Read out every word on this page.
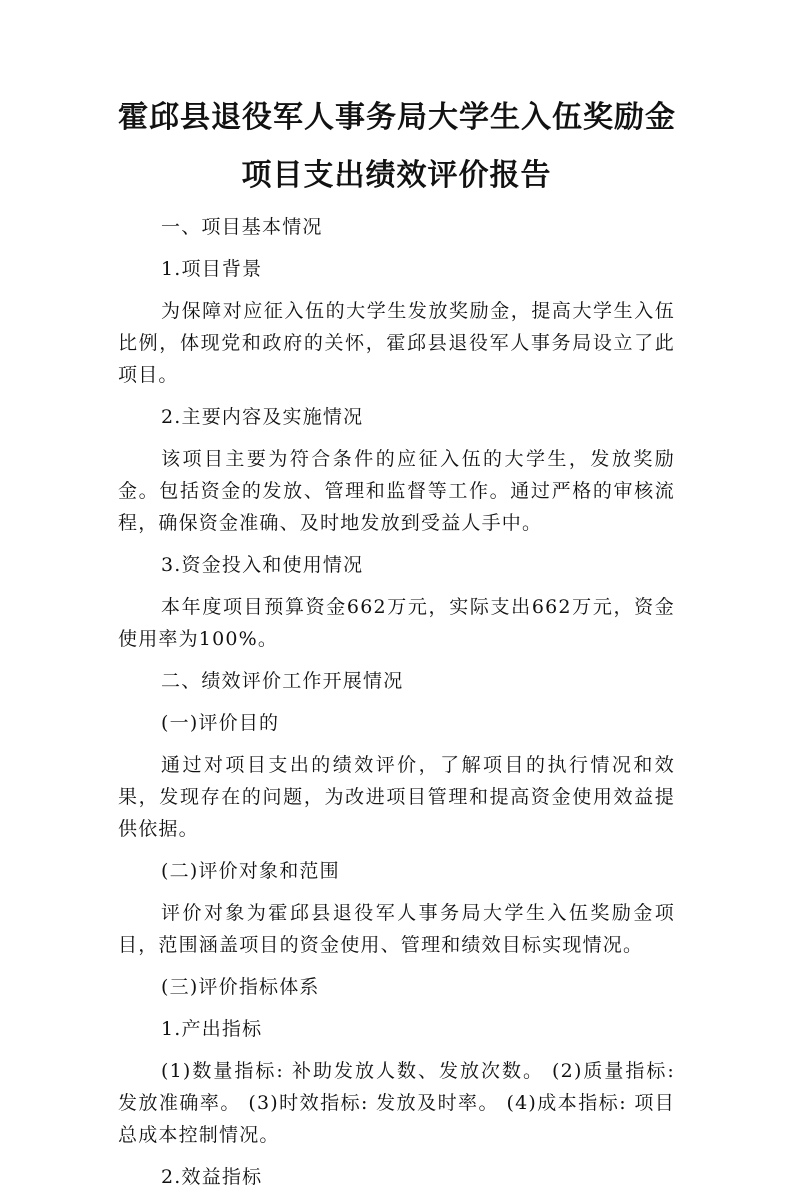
霍邱县退役军人事务局大学生入伍奖励金
项目支出绩效评价报告

一、项目基本情况

1.项目背景

为保障对应征入伍的大学生发放奖励金，提高大学生入伍比例，体现党和政府的关怀，霍邱县退役军人事务局设立了此项目。

2.主要内容及实施情况

该项目主要为符合条件的应征入伍的大学生，发放奖励金。包括资金的发放、管理和监督等工作。通过严格的审核流程，确保资金准确、及时地发放到受益人手中。

3.资金投入和使用情况

本年度项目预算资金662万元，实际支出662万元，资金使用率为100%。

二、绩效评价工作开展情况

(一)评价目的

通过对项目支出的绩效评价，了解项目的执行情况和效果，发现存在的问题，为改进项目管理和提高资金使用效益提供依据。

(二)评价对象和范围

评价对象为霍邱县退役军人事务局大学生入伍奖励金项目，范围涵盖项目的资金使用、管理和绩效目标实现情况。

(三)评价指标体系

1.产出指标

(1)数量指标: 补助发放人数、发放次数。 (2)质量指标: 发放准确率。 (3)时效指标: 发放及时率。 (4)成本指标: 项目总成本控制情况。

2.效益指标
